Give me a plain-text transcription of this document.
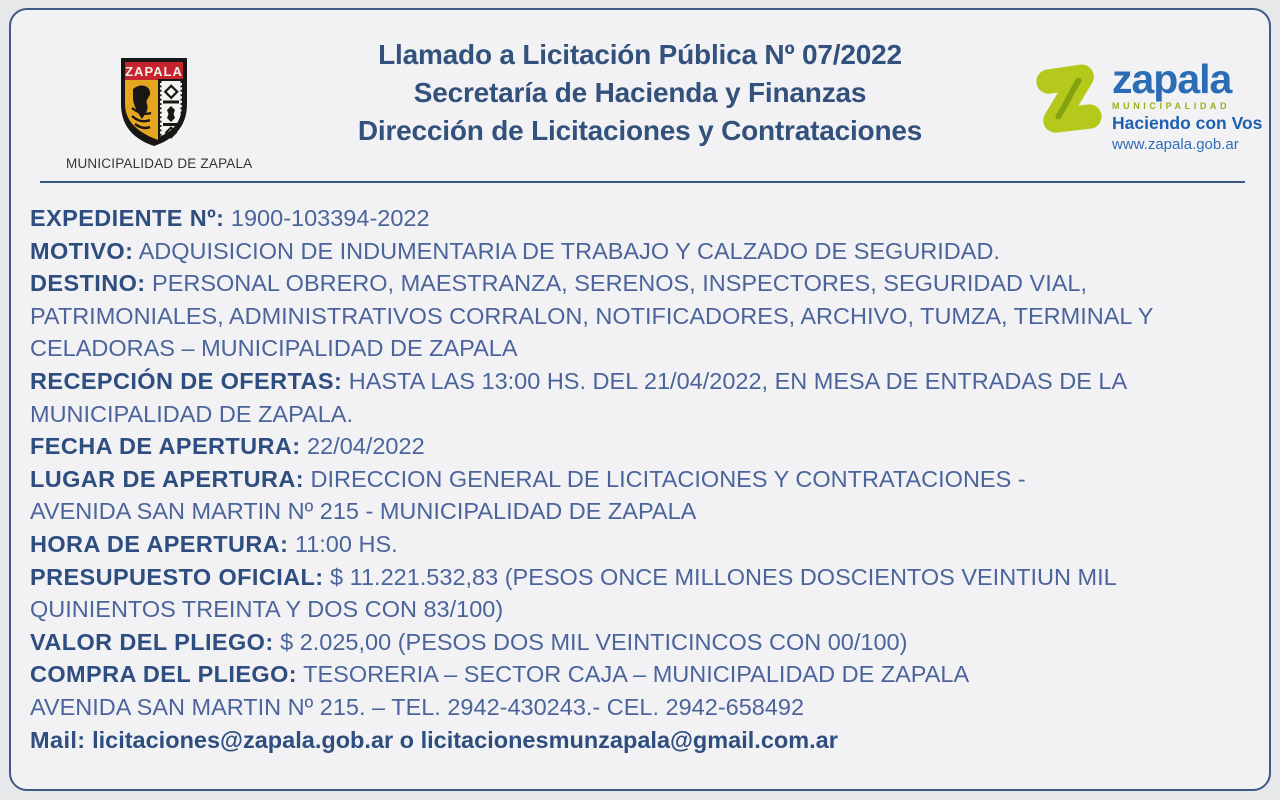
ZAPALA
MUNICIPALIDAD DE ZAPALA
Llamado a Licitación Pública Nº 07/2022
Secretaría de Hacienda y Finanzas
Dirección de Licitaciones y Contrataciones
zapala
MUNICIPALIDAD
Haciendo con Vos
www.zapala.gob.ar

EXPEDIENTE Nº: 1900-103394-2022

MOTIVO: ADQUISICION DE INDUMENTARIA DE TRABAJO Y CALZADO DE SEGURIDAD.

DESTINO: PERSONAL OBRERO, MAESTRANZA, SERENOS, INSPECTORES, SEGURIDAD VIAL, PATRIMONIALES, ADMINISTRATIVOS CORRALON, NOTIFICADORES, ARCHIVO, TUMZA, TERMINAL Y CELADORAS – MUNICIPALIDAD DE ZAPALA

RECEPCIÓN DE OFERTAS: HASTA LAS 13:00 HS. DEL 21/04/2022, EN MESA DE ENTRADAS DE LA MUNICIPALIDAD DE ZAPALA.

FECHA DE APERTURA: 22/04/2022

LUGAR DE APERTURA: DIRECCION GENERAL DE LICITACIONES Y CONTRATACIONES -

AVENIDA SAN MARTIN Nº 215 - MUNICIPALIDAD DE ZAPALA

HORA DE APERTURA: 11:00 HS.

PRESUPUESTO OFICIAL: $ 11.221.532,83 (PESOS ONCE MILLONES DOSCIENTOS VEINTIUN MIL QUINIENTOS TREINTA Y DOS CON 83/100)

VALOR DEL PLIEGO: $ 2.025,00 (PESOS DOS MIL VEINTICINCOS CON 00/100)

COMPRA DEL PLIEGO: TESORERIA – SECTOR CAJA – MUNICIPALIDAD DE ZAPALA

AVENIDA SAN MARTIN Nº 215. – TEL. 2942-430243.- CEL. 2942-658492

Mail: licitaciones@zapala.gob.ar o licitacionesmunzapala@gmail.com.ar
